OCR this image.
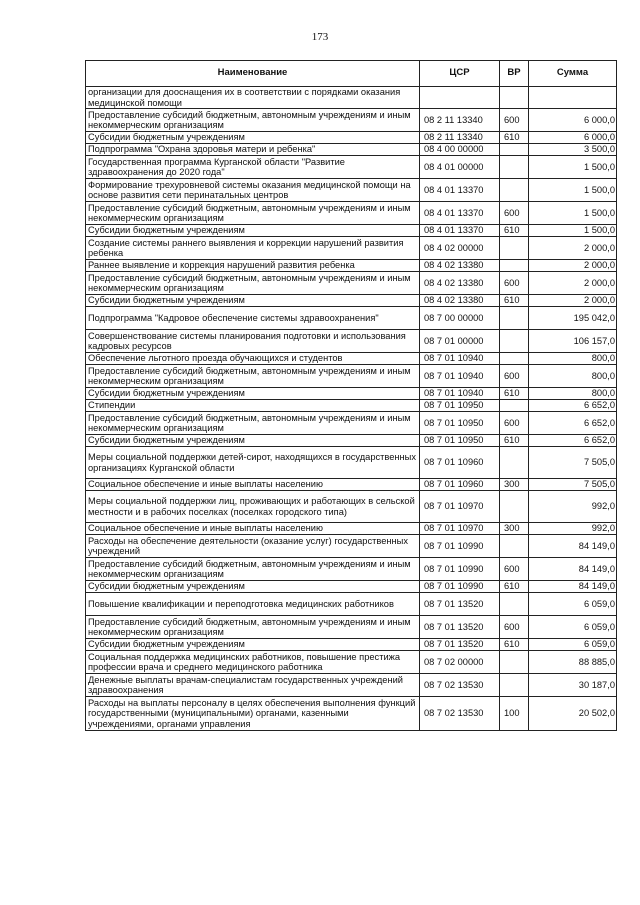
173
Наименование	ЦСР	ВР	Сумма
организации для дооснащения их в соответствии с порядками оказания медицинской помощи			
Предоставление субсидий бюджетным, автономным учреждениям и иным некоммерческим организациям	08 2 11 13340	600	6 000,0
Субсидии бюджетным учреждениям	08 2 11 13340	610	6 000,0
Подпрограмма "Охрана здоровья матери и ребенка"	08 4 00 00000		3 500,0
Государственная программа Курганской области "Развитие здравоохранения до 2020 года"	08 4 01 00000		1 500,0
Формирование трехуровневой системы оказания медицинской помощи на основе развития сети перинатальных центров	08 4 01 13370		1 500,0
Предоставление субсидий бюджетным, автономным учреждениям и иным некоммерческим организациям	08 4 01 13370	600	1 500,0
Субсидии бюджетным учреждениям	08 4 01 13370	610	1 500,0
Создание системы раннего выявления и коррекции нарушений развития ребенка	08 4 02 00000		2 000,0
Раннее выявление и коррекция нарушений развития ребенка	08 4 02 13380		2 000,0
Предоставление субсидий бюджетным, автономным учреждениям и иным некоммерческим организациям	08 4 02 13380	600	2 000,0
Субсидии бюджетным учреждениям	08 4 02 13380	610	2 000,0
Подпрограмма "Кадровое обеспечение системы здравоохранения"	08 7 00 00000		195 042,0
Совершенствование системы планирования подготовки и использования кадровых ресурсов	08 7 01 00000		106 157,0
Обеспечение льготного проезда обучающихся и студентов	08 7 01 10940		800,0
Предоставление субсидий бюджетным, автономным учреждениям и иным некоммерческим организациям	08 7 01 10940	600	800,0
Субсидии бюджетным учреждениям	08 7 01 10940	610	800,0
Стипендии	08 7 01 10950		6 652,0
Предоставление субсидий бюджетным, автономным учреждениям и иным некоммерческим организациям	08 7 01 10950	600	6 652,0
Субсидии бюджетным учреждениям	08 7 01 10950	610	6 652,0
Меры социальной поддержки детей-сирот, находящихся в государственных организациях Курганской области	08 7 01 10960		7 505,0
Социальное обеспечение и иные выплаты населению	08 7 01 10960	300	7 505,0
Меры социальной поддержки лиц, проживающих и работающих в сельской местности и в рабочих поселках (поселках городского типа)	08 7 01 10970		992,0
Социальное обеспечение и иные выплаты населению	08 7 01 10970	300	992,0
Расходы на обеспечение деятельности (оказание услуг) государственных учреждений	08 7 01 10990		84 149,0
Предоставление субсидий бюджетным, автономным учреждениям и иным некоммерческим организациям	08 7 01 10990	600	84 149,0
Субсидии бюджетным учреждениям	08 7 01 10990	610	84 149,0
Повышение квалификации и переподготовка медицинских работников	08 7 01 13520		6 059,0
Предоставление субсидий бюджетным, автономным учреждениям и иным некоммерческим организациям	08 7 01 13520	600	6 059,0
Субсидии бюджетным учреждениям	08 7 01 13520	610	6 059,0
Социальная поддержка медицинских работников, повышение престижа профессии врача и среднего медицинского работника	08 7 02 00000		88 885,0
Денежные выплаты врачам-специалистам государственных учреждений здравоохранения	08 7 02 13530		30 187,0
Расходы на выплаты персоналу в целях обеспечения выполнения функций государственными (муниципальными) органами, казенными учреждениями, органами управления	08 7 02 13530	100	20 502,0
